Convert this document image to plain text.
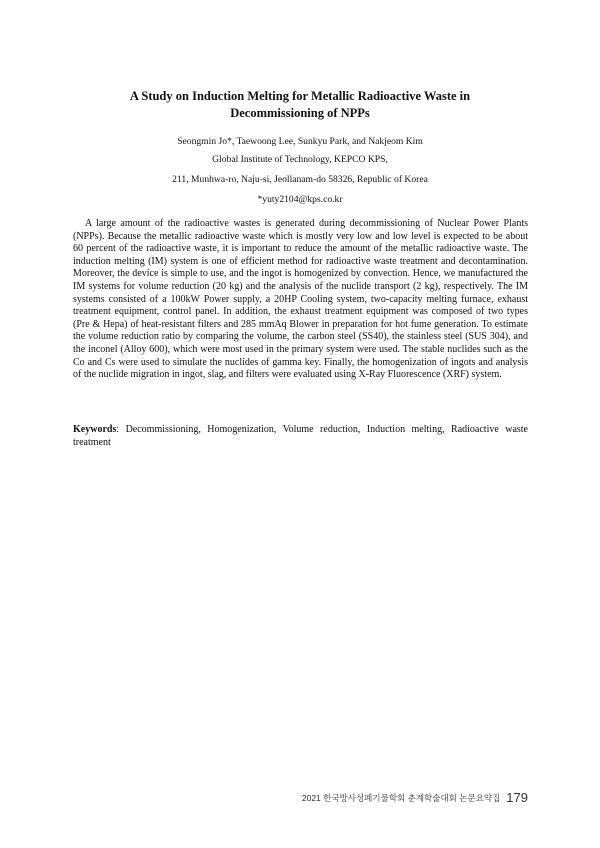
A Study on Induction Melting for Metallic Radioactive Waste in
Decommissioning of NPPs
Seongmin Jo*, Taewoong Lee, Sunkyu Park, and Nakjeom Kim
Global Institute of Technology, KEPCO KPS,
211, Munhwa-ro, Naju-si, Jeollanam-do 58326, Republic of Korea

A large amount of the radioactive wastes is generated during decommissioning of Nuclear Power Plants (NPPs). Because the metallic radioactive waste which is mostly very low and low level is expected to be about 60 percent of the radioactive waste, it is important to reduce the amount of the metallic radioactive waste. The induction melting (IM) system is one of efficient method for radioactive waste treatment and decontamination. Moreover, the device is simple to use, and the ingot is homogenized by convection. Hence, we manufactured the IM systems for volume reduction (20 kg) and the analysis of the nuclide transport (2 kg), respectively. The IM systems consisted of a 100kW Power supply, a 20HP Cooling system, two-capacity melting furnace, exhaust treatment equipment, control panel. In addition, the exhaust treatment equipment was composed of two types (Pre & Hepa) of heat-resistant filters and 285 mmAq Blower in preparation for hot fume generation. To estimate the volume reduction ratio by comparing the volume, the carbon steel (SS40), the stainless steel (SUS 304), and the inconel (Alloy 600), which were most used in the primary system were used. The stable nuclides such as the Co and Cs were used to simulate the nuclides of gamma key. Finally, the homogenization of ingots and analysis of the nuclide migration in ingot, slag, and filters were evaluated using X-Ray Fluorescence (XRF) system.

Keywords: Decommissioning, Homogenization, Volume reduction, Induction melting, Radioactive waste treatment

2021 한국방사성폐기물학회 춘계학술대회 논문요약집 179
*yuty2104@kps.co.kr
